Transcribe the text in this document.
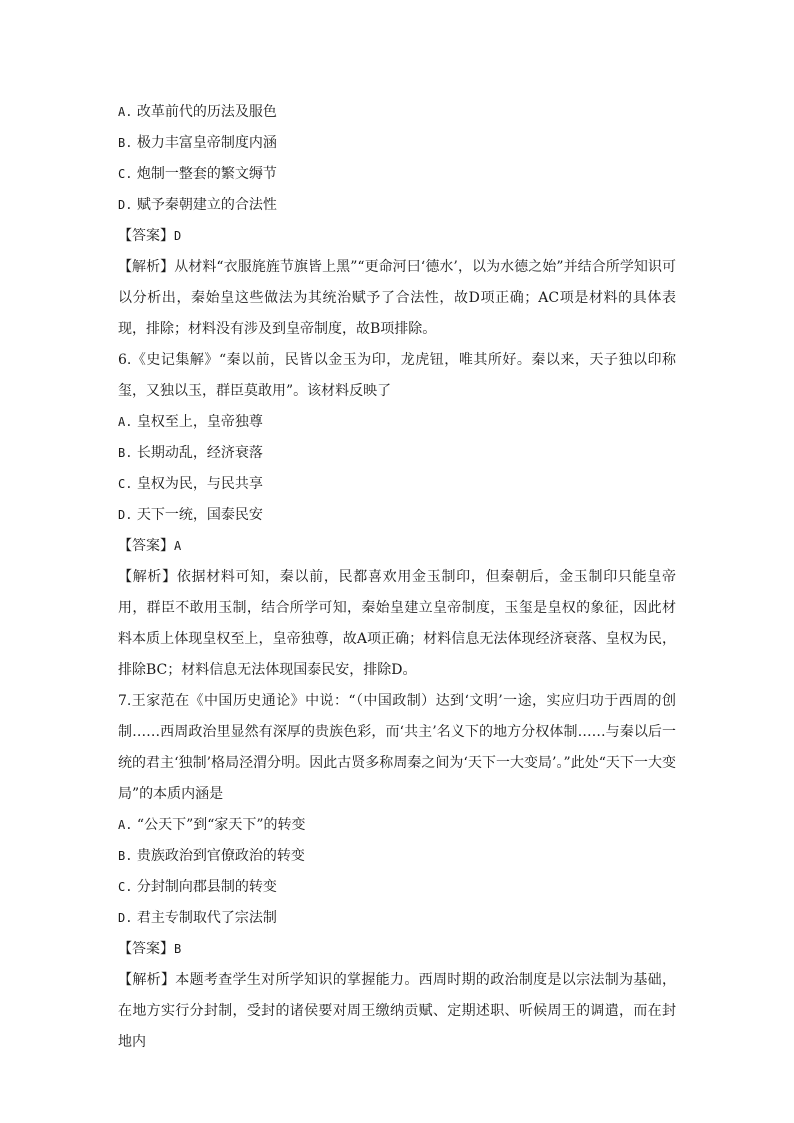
A. 改革前代的历法及服色
B. 极力丰富皇帝制度内涵
C. 炮制一整套的繁文缛节
D. 赋予秦朝建立的合法性
【答案】D
【解析】从材料“衣服旄旌节旗皆上黑”“更命河曰‘德水’，以为水德之始”并结合所学知识可以分析出，秦始皇这些做法为其统治赋予了合法性，故D项正确；AC项是材料的具体表现，排除；材料没有涉及到皇帝制度，故B项排除。
6.《史记集解》“秦以前，民皆以金玉为印，龙虎钮，唯其所好。秦以来，天子独以印称玺，又独以玉，群臣莫敢用”。该材料反映了
A. 皇权至上，皇帝独尊
B. 长期动乱，经济衰落
C. 皇权为民，与民共享
D. 天下一统，国泰民安
【答案】A
【解析】依据材料可知，秦以前，民都喜欢用金玉制印，但秦朝后，金玉制印只能皇帝用，群臣不敢用玉制，结合所学可知，秦始皇建立皇帝制度，玉玺是皇权的象征，因此材料本质上体现皇权至上，皇帝独尊，故A项正确；材料信息无法体现经济衰落、皇权为民，排除BC；材料信息无法体现国泰民安，排除D。
7.王家范在《中国历史通论》中说：“（中国政制）达到‘文明’一途，实应归功于西周的创制……西周政治里显然有深厚的贵族色彩，而‘共主’名义下的地方分权体制……与秦以后一统的君主‘独制’格局泾渭分明。因此古贤多称周秦之间为‘天下一大变局’。”此处“天下一大变局”的本质内涵是
A. “公天下”到“家天下”的转变
B. 贵族政治到官僚政治的转变
C. 分封制向郡县制的转变
D. 君主专制取代了宗法制
【答案】B
【解析】本题考查学生对所学知识的掌握能力。西周时期的政治制度是以宗法制为基础，在地方实行分封制，受封的诸侯要对周王缴纳贡赋、定期述职、听候周王的调遣，而在封地内
